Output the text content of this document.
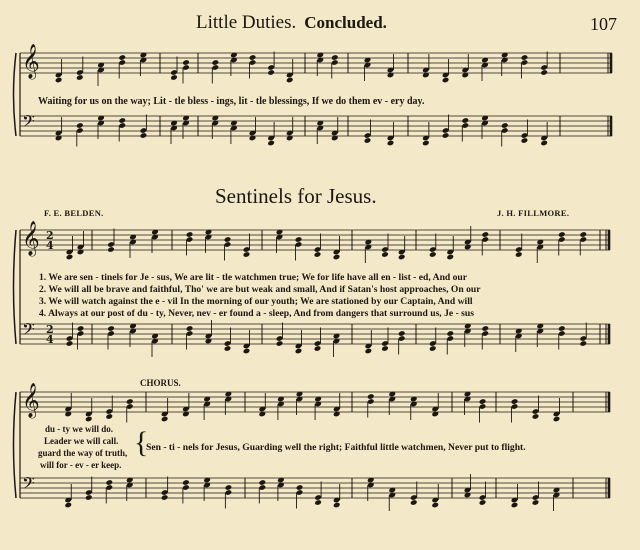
Little Duties. Concluded.	107
Waiting for us on the way; Lit - tle bless - ings, lit - tle blessings, If we do them ev - ery day.
Sentinels for Jesus.
F. E. BELDEN.	J. H. FILLMORE.
1. We are sen - tinels for Je - sus, We are lit - tle watchmen true; We for life have all en - list - ed, And our
2. We will all be brave and faithful, Tho' we are but weak and small, And if Satan's host approaches, On our
3. We will watch against the e - vil In the morning of our youth; We are stationed by our Captain, And will
4. Always at our post of du - ty, Never, nev - er found a - sleep, And from dangers that surround us, Je - sus
CHORUS.
du - ty we will do.
Leader we will call.
guard the way of truth,
will for - ev - er keep.
{
Sen - ti - nels for Jesus, Guarding well the right; Faithful little watchmen, Never put to flight.
𝄞
𝄢
𝄞
𝄢
𝄞
𝄢
2
4
2
4
